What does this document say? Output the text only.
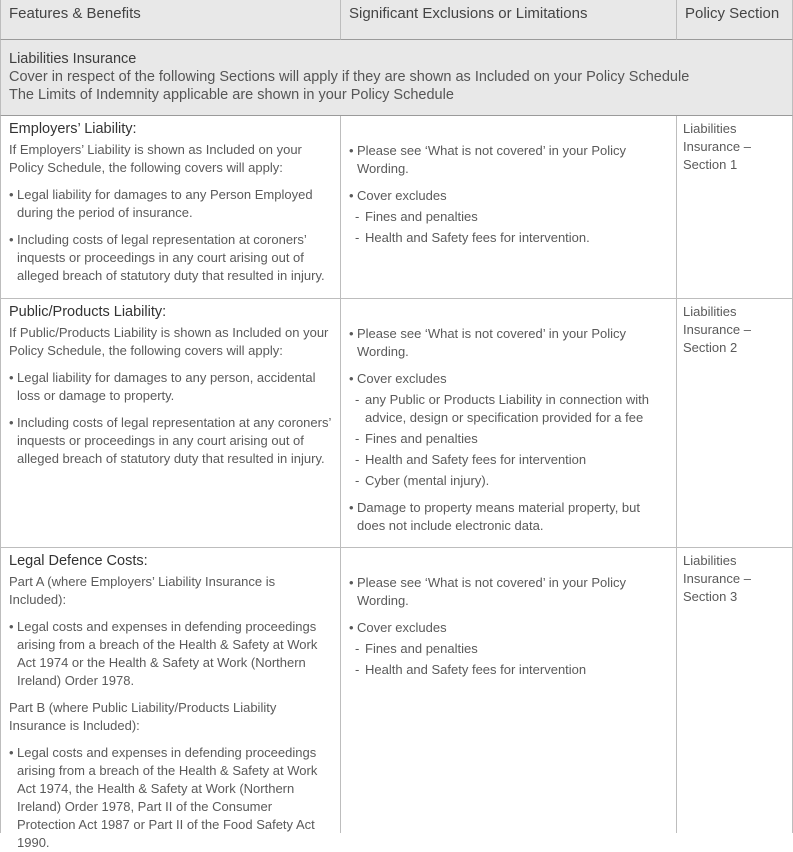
Features & Benefits	Significant Exclusions or Limitations	Policy Section
Liabilities Insurance
Cover in respect of the following Sections will apply if they are shown as Included on your Policy Schedule
The Limits of Indemnity applicable are shown in your Policy Schedule
Employers’ Liability:
If Employers’ Liability is shown as Included on your Policy Schedule, the following covers will apply:
• Legal liability for damages to any Person Employed during the period of insurance.
• Including costs of legal representation at coroners’ inquests or proceedings in any court arising out of alleged breach of statutory duty that resulted in injury.
• Please see ‘What is not covered’ in your Policy Wording.
• Cover excludes
- Fines and penalties
- Health and Safety fees for intervention.
Liabilities Insurance – Section 1
Public/Products Liability:
If Public/Products Liability is shown as Included on your Policy Schedule, the following covers will apply:
• Legal liability for damages to any person, accidental loss or damage to property.
• Including costs of legal representation at any coroners’ inquests or proceedings in any court arising out of alleged breach of statutory duty that resulted in injury.
• Please see ‘What is not covered’ in your Policy Wording.
• Cover excludes
- any Public or Products Liability in connection with advice, design or specification provided for a fee
- Fines and penalties
- Health and Safety fees for intervention
- Cyber (mental injury).
• Damage to property means material property, but does not include electronic data.
Liabilities Insurance – Section 2
Legal Defence Costs:
Part A (where Employers’ Liability Insurance is Included):
• Legal costs and expenses in defending proceedings arising from a breach of the Health & Safety at Work Act 1974 or the Health & Safety at Work (Northern Ireland) Order 1978.
Part B (where Public Liability/Products Liability Insurance is Included):
• Legal costs and expenses in defending proceedings arising from a breach of the Health & Safety at Work Act 1974, the Health & Safety at Work (Northern Ireland) Order 1978, Part II of the Consumer Protection Act 1987 or Part II of the Food Safety Act 1990.
• Please see ‘What is not covered’ in your Policy Wording.
• Cover excludes
- Fines and penalties
- Health and Safety fees for intervention
Liabilities Insurance – Section 3
